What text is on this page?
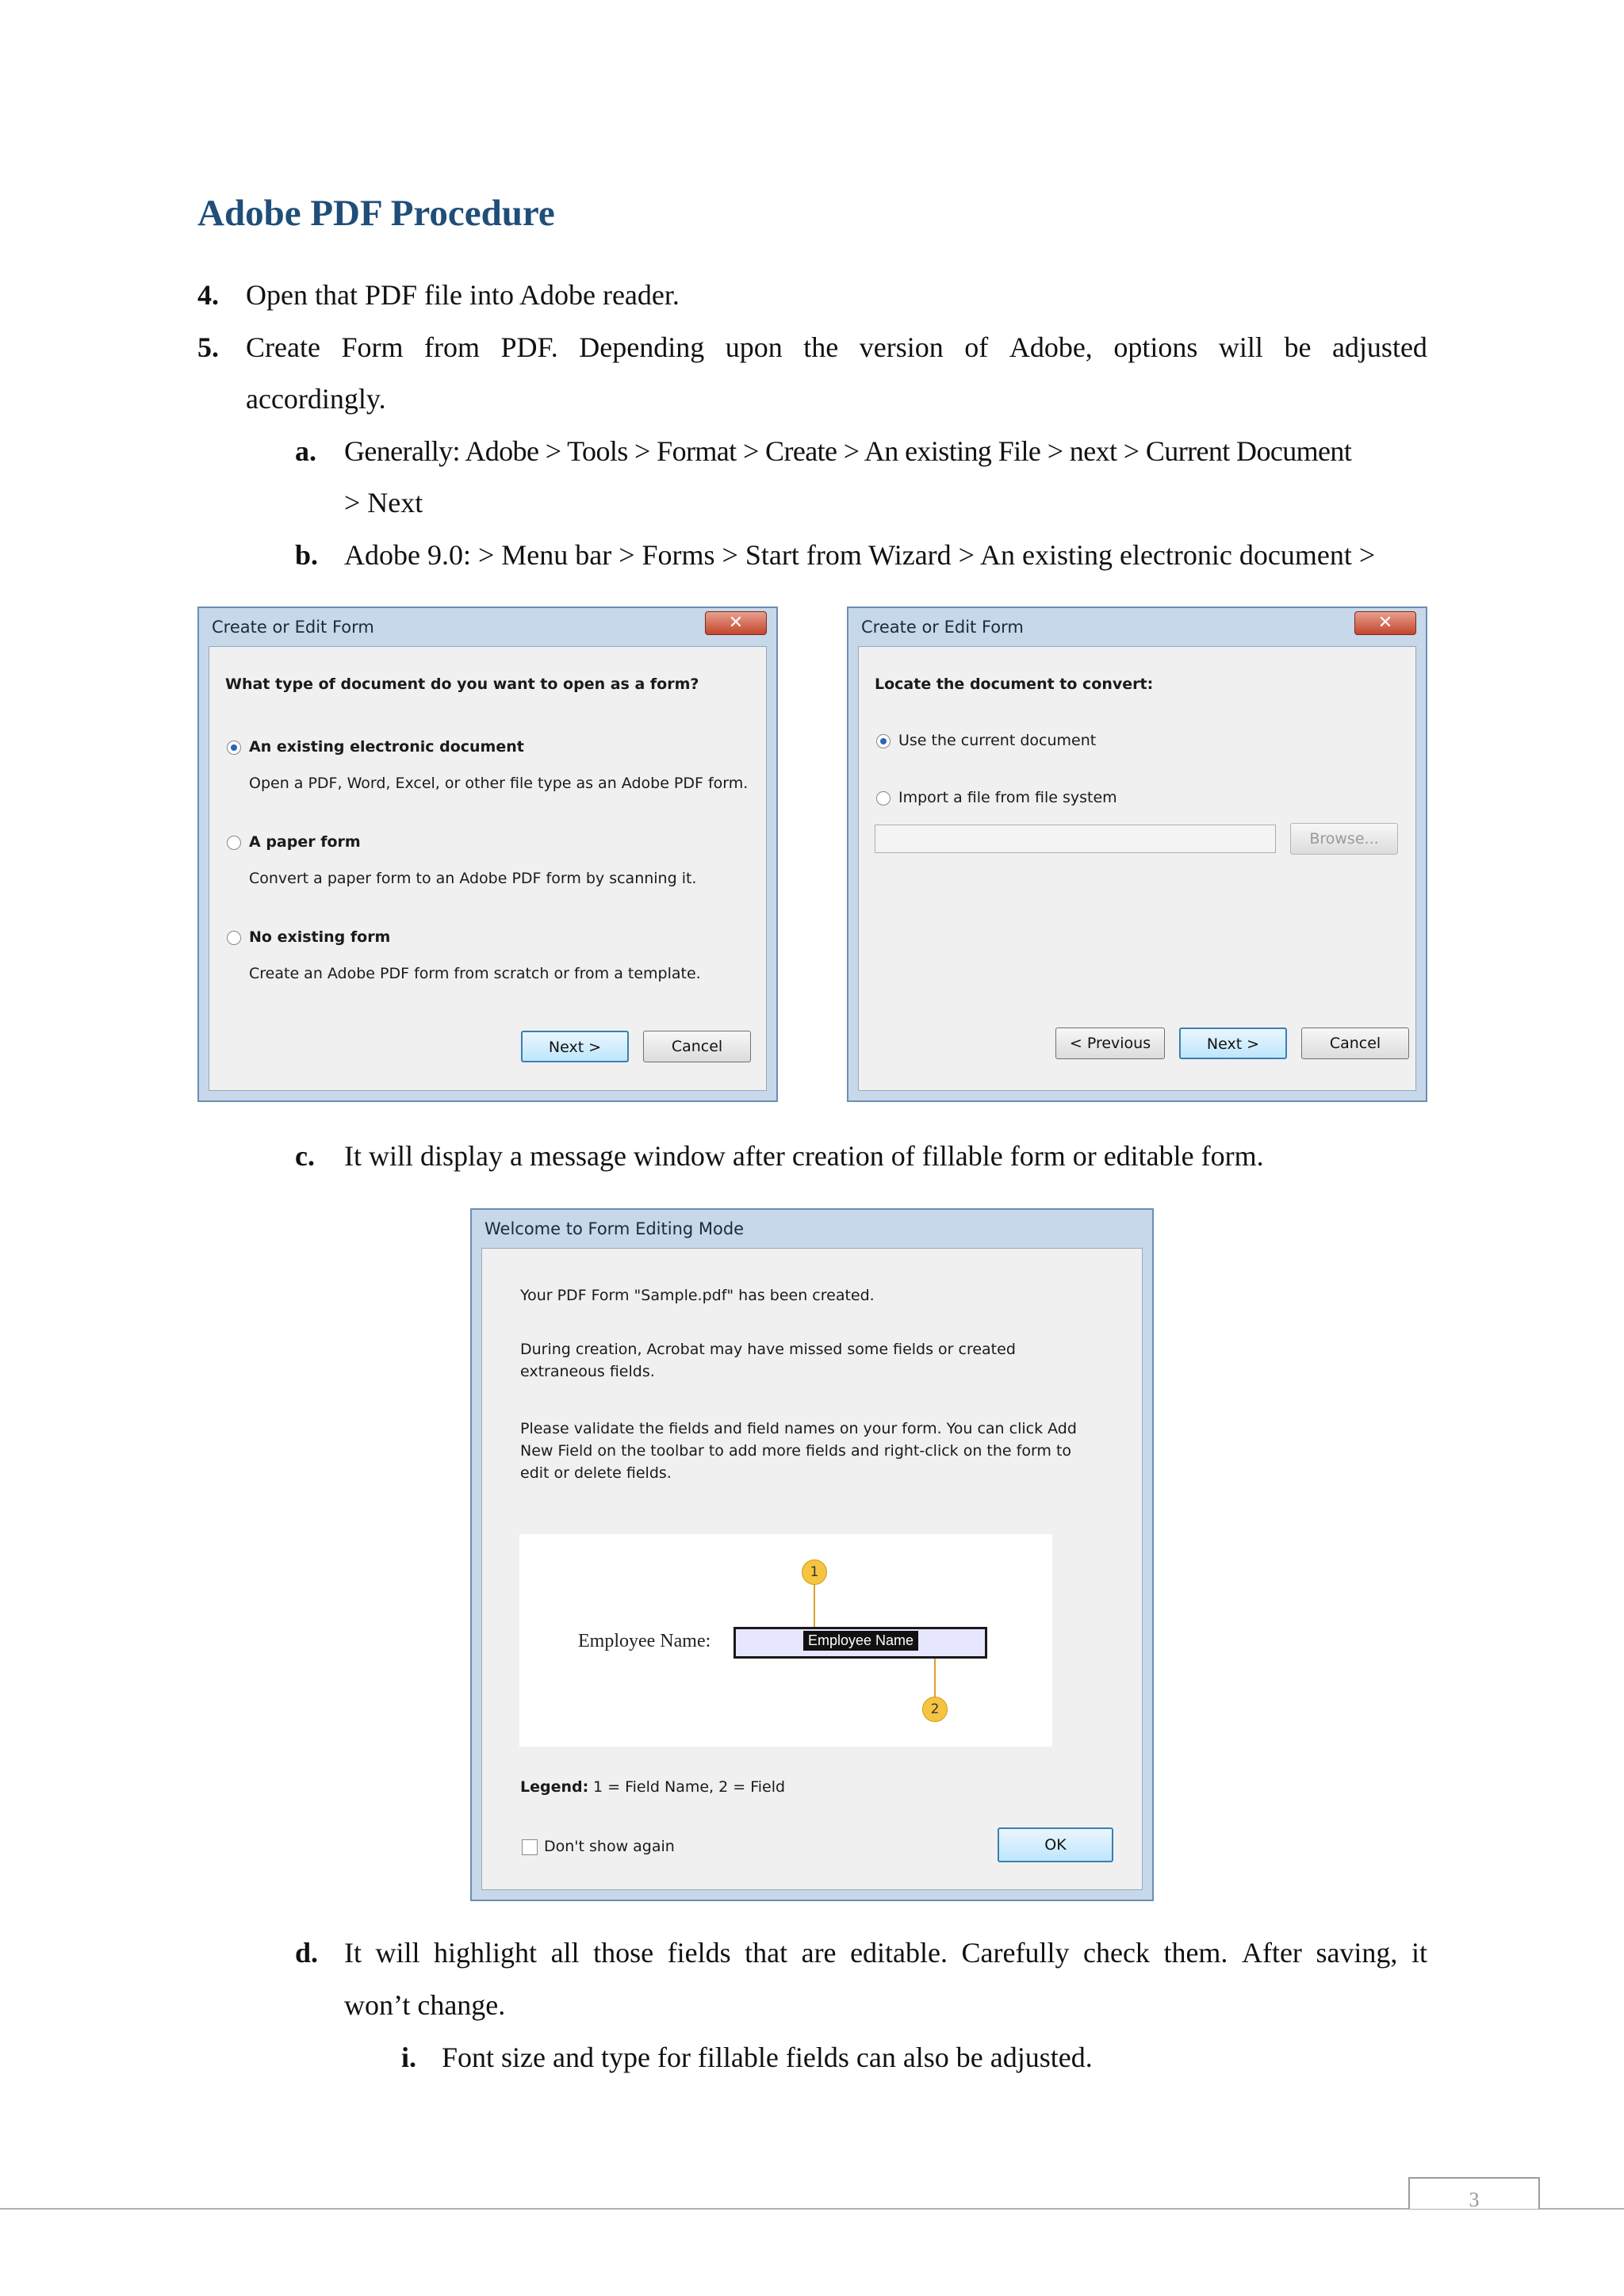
Adobe PDF Procedure
4. Open that PDF file into Adobe reader.
5. Create Form from PDF. Depending upon the version of Adobe, options will be adjusted
accordingly.
a. Generally: Adobe > Tools > Format > Create > An existing File > next > Current Document
> Next
b. Adobe 9.0: > Menu bar > Forms > Start from Wizard > An existing electronic document >
Create or Edit Form	✕
What type of document do you want to open as a form?
An existing electronic document
Open a PDF, Word, Excel, or other file type as an Adobe PDF form.
A paper form
Convert a paper form to an Adobe PDF form by scanning it.
No existing form
Create an Adobe PDF form from scratch or from a template.
Next >	Cancel
Create or Edit Form	✕
Locate the document to convert:
Use the current document
Import a file from file system
Browse...
< Previous	Next >	Cancel
c. It will display a message window after creation of fillable form or editable form.
Welcome to Form Editing Mode
Your PDF Form "Sample.pdf" has been created.
During creation, Acrobat may have missed some fields or created
extraneous fields.
Please validate the fields and field names on your form. You can click Add
New Field on the toolbar to add more fields and right-click on the form to
edit or delete fields.
1
Employee Name:	Employee Name
2
Legend: 1 = Field Name, 2 = Field
Don't show again	OK
d. It will highlight all those fields that are editable. Carefully check them. After saving, it
won’t change.
i. Font size and type for fillable fields can also be adjusted.
3
